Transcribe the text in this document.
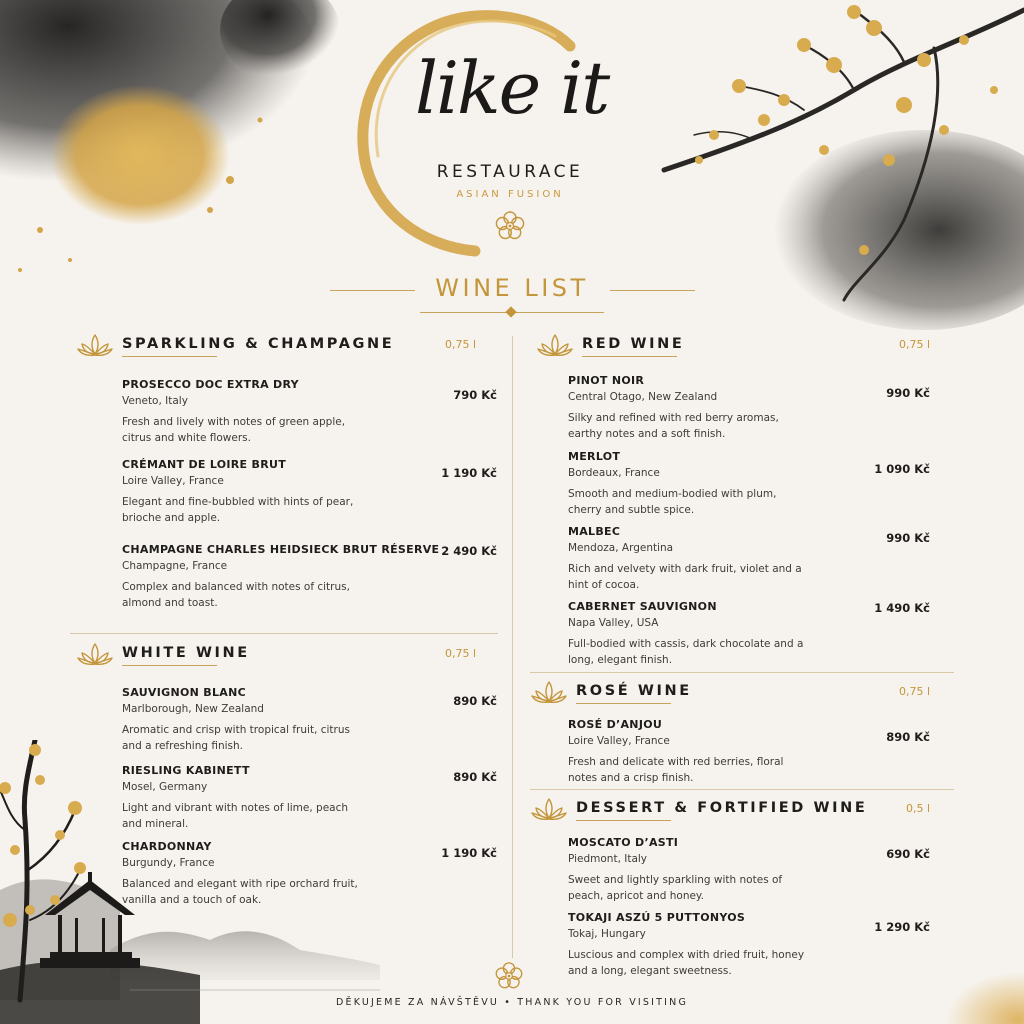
like it
RESTAURACE
ASIAN FUSION
WINE LIST
SPARKLING & CHAMPAGNE	0,75 l
PROSECCO DOC EXTRA DRY
Veneto, Italy
Fresh and lively with notes of green apple, citrus and white flowers.
790 Kč
CRÉMANT DE LOIRE BRUT
Loire Valley, France
Elegant and fine-bubbled with hints of pear, brioche and apple.
1 190 Kč
CHAMPAGNE CHARLES HEIDSIECK BRUT RÉSERVE
Champagne, France
Complex and balanced with notes of citrus, almond and toast.
2 490 Kč
WHITE WINE	0,75 l
SAUVIGNON BLANC
Marlborough, New Zealand
Aromatic and crisp with tropical fruit, citrus and a refreshing finish.
890 Kč
RIESLING KABINETT
Mosel, Germany
Light and vibrant with notes of lime, peach and mineral.
890 Kč
CHARDONNAY
Burgundy, France
Balanced and elegant with ripe orchard fruit, vanilla and a touch of oak.
1 190 Kč
RED WINE	0,75 l
PINOT NOIR
Central Otago, New Zealand
Silky and refined with red berry aromas, earthy notes and a soft finish.
990 Kč
MERLOT
Bordeaux, France
Smooth and medium-bodied with plum, cherry and subtle spice.
1 090 Kč
MALBEC
Mendoza, Argentina
Rich and velvety with dark fruit, violet and a hint of cocoa.
990 Kč
CABERNET SAUVIGNON
Napa Valley, USA
Full-bodied with cassis, dark chocolate and a long, elegant finish.
1 490 Kč
ROSÉ WINE	0,75 l
ROSÉ D’ANJOU
Loire Valley, France
Fresh and delicate with red berries, floral notes and a crisp finish.
890 Kč
DESSERT & FORTIFIED WINE	0,5 l
MOSCATO D’ASTI
Piedmont, Italy
Sweet and lightly sparkling with notes of peach, apricot and honey.
690 Kč
TOKAJI ASZÚ 5 PUTTONYOS
Tokaj, Hungary
Luscious and complex with dried fruit, honey and a long, elegant sweetness.
1 290 Kč
DĚKUJEME ZA NÁVŠTĚVU • THANK YOU FOR VISITING
